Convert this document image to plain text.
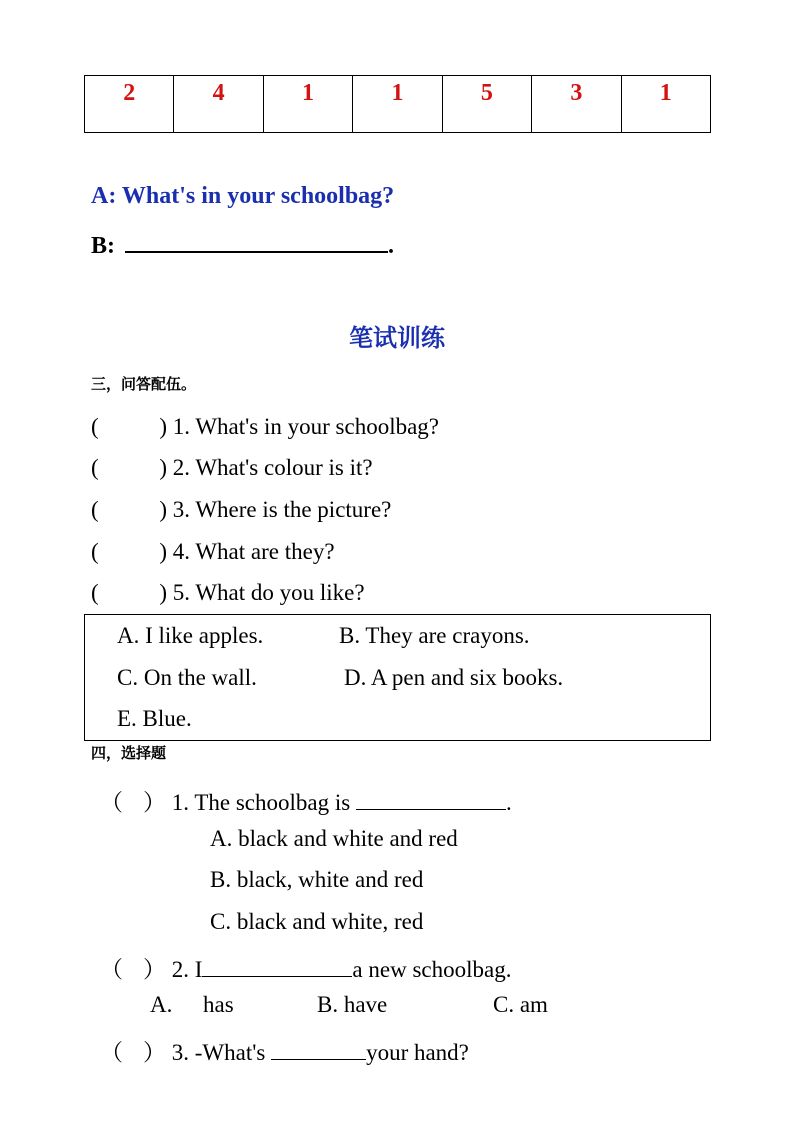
2	4	1	1	5	3	1
A: What's in your schoolbag?
B:	.
笔试训练
三，问答配伍。
(	) 1. What's in your schoolbag?
(	) 2. What's colour is it?
(	) 3. Where is the picture?
(	) 4. What are they?
(	) 5. What do you like?
A. I like apples.	B. They are crayons.
C. On the wall.	D. A pen and six books.
E. Blue.
四，选择题
（ ） 1. The schoolbag is	.
A. black and white and red
B. black, white and red
C. black and white, red
（ ） 2. I	a new schoolbag.
A. has	B. have	C. am
（ ） 3. -What's	your hand?
